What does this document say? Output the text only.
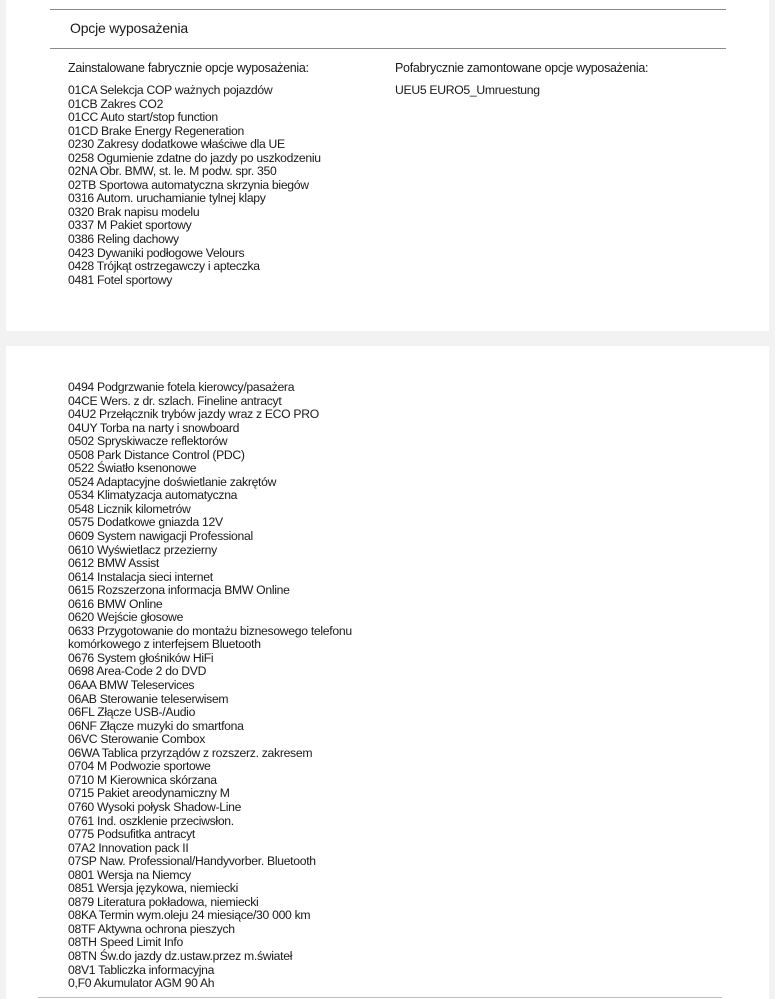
Opcje wyposażenia
Zainstalowane fabrycznie opcje wyposażenia:	Pofabrycznie zamontowane opcje wyposażenia:
01CA Selekcja COP ważnych pojazdów
01CB Zakres CO2
01CC Auto start/stop function
01CD Brake Energy Regeneration
0230 Zakresy dodatkowe właściwe dla UE
0258 Ogumienie zdatne do jazdy po uszkodzeniu
02NA Obr. BMW, st. le. M podw. spr. 350
02TB Sportowa automatyczna skrzynia biegów
0316 Autom. uruchamianie tylnej klapy
0320 Brak napisu modelu
0337 M Pakiet sportowy
0386 Reling dachowy
0423 Dywaniki podłogowe Velours
0428 Trójkąt ostrzegawczy i apteczka
0481 Fotel sportowy
UEU5 EURO5_Umruestung
0494 Podgrzwanie fotela kierowcy/pasażera
04CE Wers. z dr. szlach. Fineline antracyt
04U2 Przełącznik trybów jazdy wraz z ECO PRO
04UY Torba na narty i snowboard
0502 Spryskiwacze reflektorów
0508 Park Distance Control (PDC)
0522 Światło ksenonowe
0524 Adaptacyjne doświetlanie zakrętów
0534 Klimatyzacja automatyczna
0548 Licznik kilometrów
0575 Dodatkowe gniazda 12V
0609 System nawigacji Professional
0610 Wyświetlacz przezierny
0612 BMW Assist
0614 Instalacja sieci internet
0615 Rozszerzona informacja BMW Online
0616 BMW Online
0620 Wejście głosowe
0633 Przygotowanie do montażu biznesowego telefonu
komórkowego z interfejsem Bluetooth
0676 System głośników HiFi
0698 Area-Code 2 do DVD
06AA BMW Teleservices
06AB Sterowanie teleserwisem
06FL Złącze USB-/Audio
06NF Złącze muzyki do smartfona
06VC Sterowanie Combox
06WA Tablica przyrządów z rozszerz. zakresem
0704 M Podwozie sportowe
0710 M Kierownica skórzana
0715 Pakiet areodynamiczny M
0760 Wysoki połysk Shadow-Line
0761 Ind. oszklenie przeciwsłon.
0775 Podsufitka antracyt
07A2 Innovation pack II
07SP Naw. Professional/Handyvorber. Bluetooth
0801 Wersja na Niemcy
0851 Wersja językowa, niemiecki
0879 Literatura pokładowa, niemiecki
08KA Termin wym.oleju 24 miesiące/30 000 km
08TF Aktywna ochrona pieszych
08TH Speed Limit Info
08TN Św.do jazdy dz.ustaw.przez m.świateł
08V1 Tabliczka informacyjna
0,F0 Akumulator AGM 90 Ah
